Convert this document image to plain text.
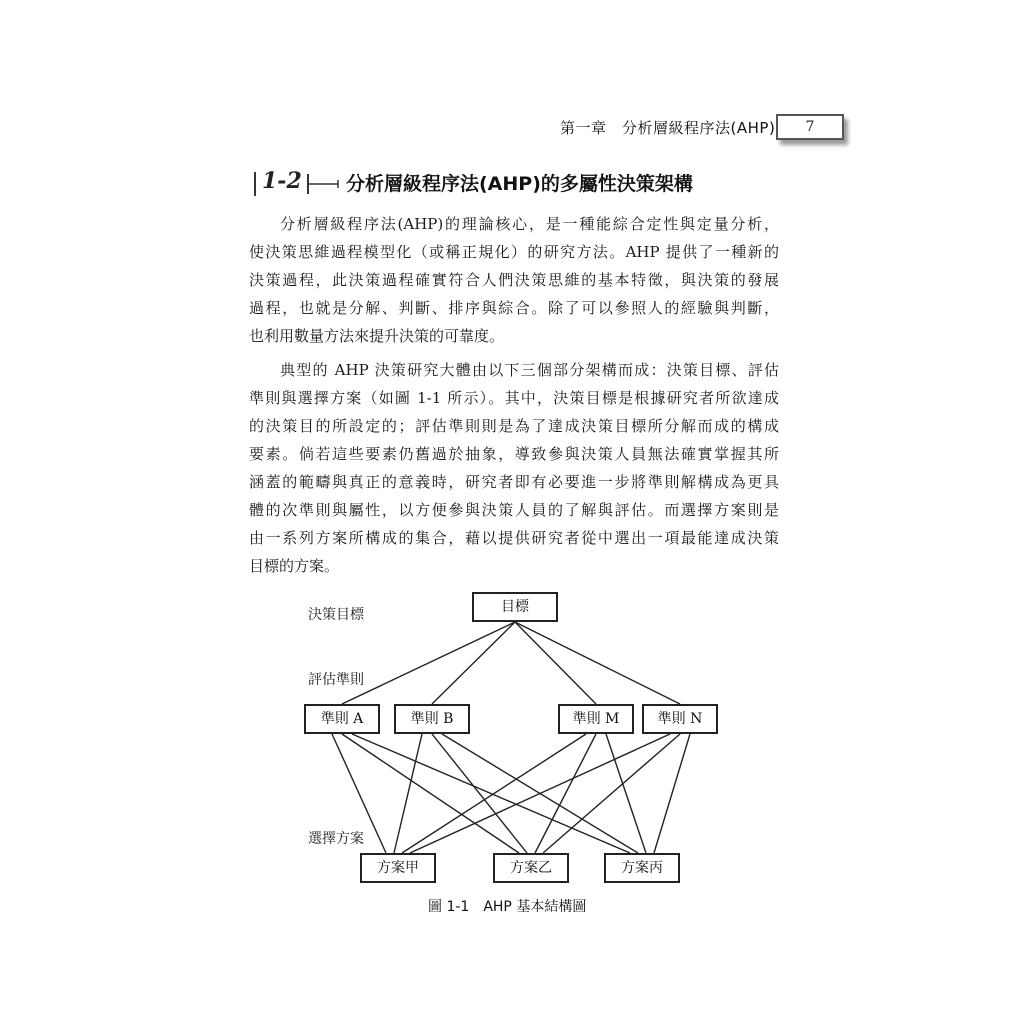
第一章　分析層級程序法(AHP)	7
1-2 分析層級程序法(AHP)的多屬性決策架構

分析層級程序法(AHP)的理論核心，是一種能綜合定性與定量分析，
使決策思維過程模型化（或稱正規化）的研究方法。AHP 提供了一種新的
決策過程，此決策過程確實符合人們決策思維的基本特徵，與決策的發展
過程，也就是分解、判斷、排序與綜合。除了可以參照人的經驗與判斷，
也利用數量方法來提升決策的可靠度。

典型的 AHP 決策研究大體由以下三個部分架構而成：決策目標、評估
準則與選擇方案（如圖 1-1 所示）。其中，決策目標是根據研究者所欲達成
的決策目的所設定的；評估準則則是為了達成決策目標所分解而成的構成
要素。倘若這些要素仍舊過於抽象，導致參與決策人員無法確實掌握其所
涵蓋的範疇與真正的意義時，研究者即有必要進一步將準則解構成為更具
體的次準則與屬性，以方便參與決策人員的了解與評估。而選擇方案則是
由一系列方案所構成的集合，藉以提供研究者從中選出一項最能達成決策
目標的方案。

決策目標
評估準則
選擇方案
目標
準則 A	準則 B	準則 M	準則 N
方案甲	方案乙	方案丙
圖 1-1 AHP 基本結構圖
